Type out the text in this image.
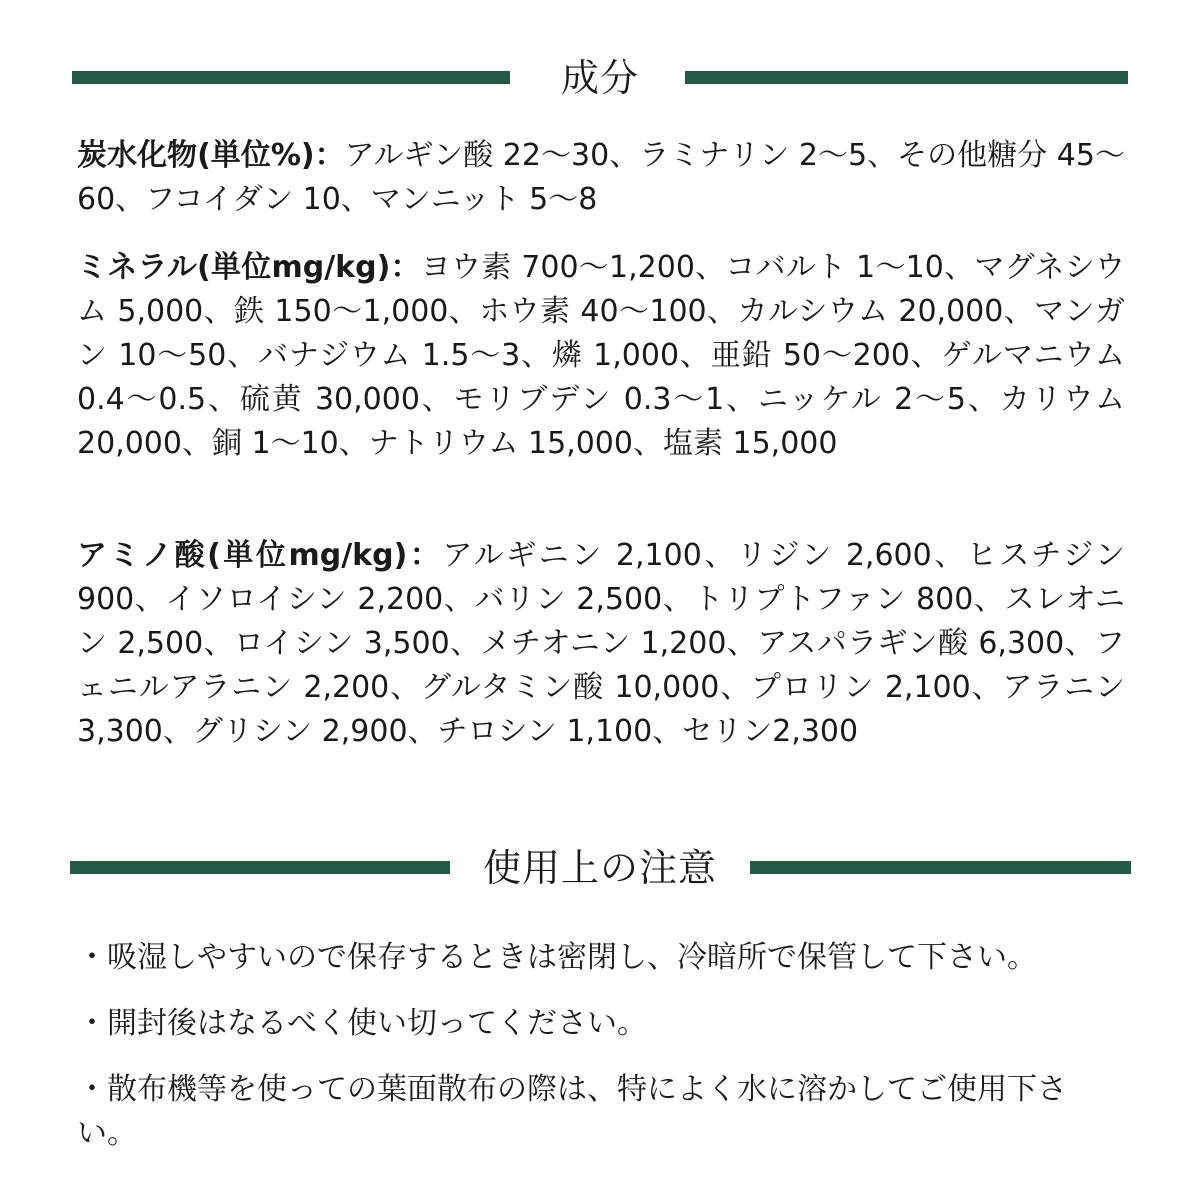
成分

炭水化物(単位%)：アルギン酸 22〜30、ラミナリン 2〜5、その他糖分 45〜60、フコイダン 10、マンニット 5〜8

ミネラル(単位mg/kg)：ヨウ素 700〜1,200、コバルト 1〜10、マグネシウム 5,000、鉄 150〜1,000、ホウ素 40〜100、カルシウム 20,000、マンガン 10〜50、バナジウム 1.5〜3、燐 1,000、亜鉛 50〜200、ゲルマニウム　0.4〜0.5、硫黄 30,000、モリブデン 0.3〜1、ニッケル 2〜5、カリウム 20,000、銅 1〜10、ナトリウム 15,000、塩素 15,000

アミノ酸(単位mg/kg)：アルギニン 2,100、リジン 2,600、ヒスチジン 900、イソロイシン 2,200、バリン 2,500、トリプトファン 800、スレオニン 2,500、ロイシン 3,500、メチオニン 1,200、アスパラギン酸 6,300、フェニルアラニン 2,200、グルタミン酸 10,000、プロリン 2,100、アラニン3,300、グリシン 2,900、チロシン 1,100、セリン2,300

使用上の注意

・吸湿しやすいので保存するときは密閉し、冷暗所で保管して下さい。

・開封後はなるべく使い切ってください。

・散布機等を使っての葉面散布の際は、特によく水に溶かしてご使用下さい。
